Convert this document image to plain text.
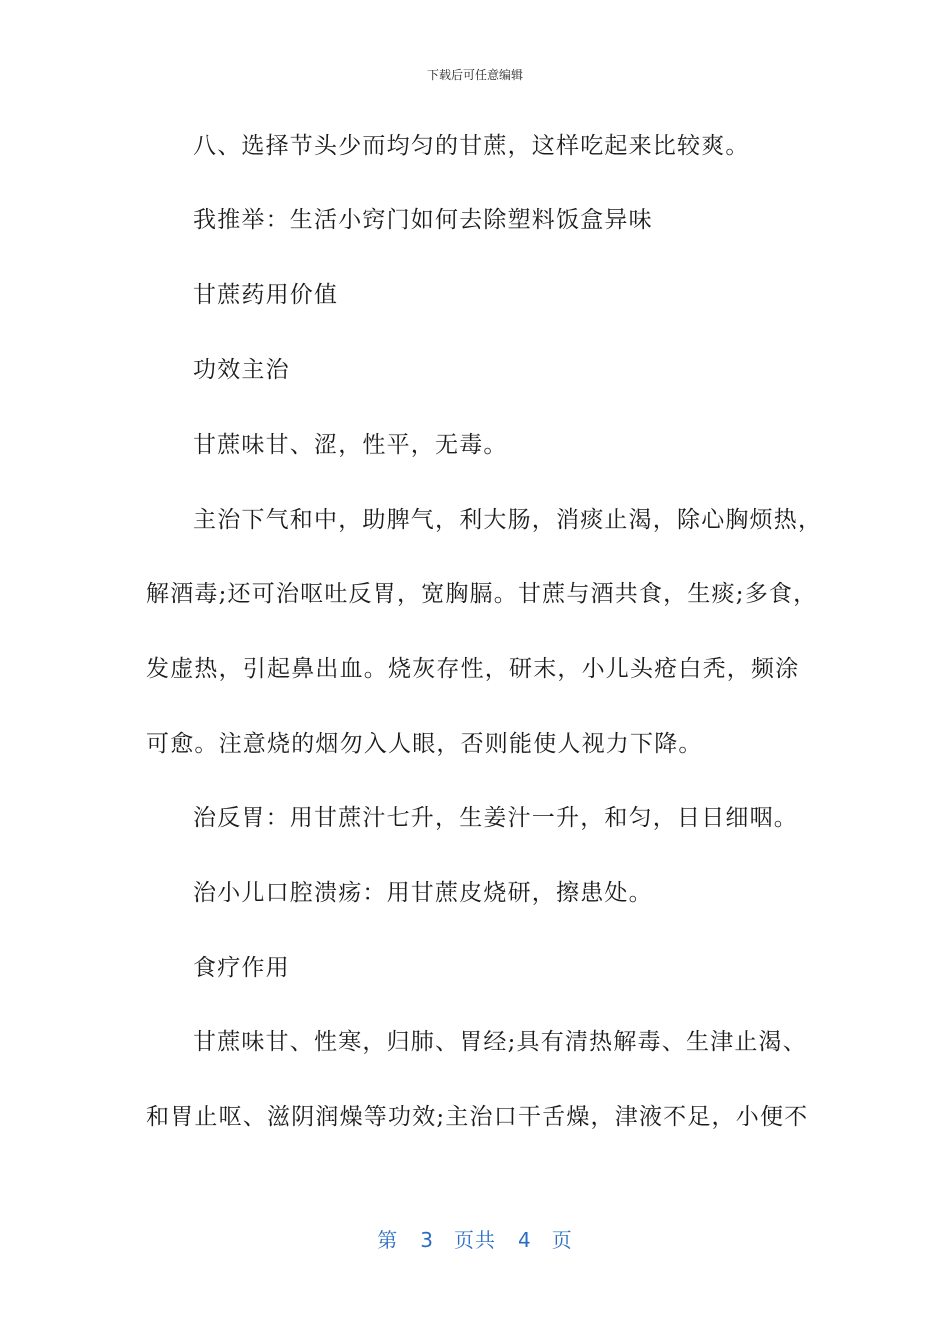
下载后可任意编辑
八、选择节头少而均匀的甘蔗，这样吃起来比较爽。
我推举：生活小窍门如何去除塑料饭盒异味
甘蔗药用价值
功效主治
甘蔗味甘、涩，性平，无毒。
主治下气和中，助脾气，利大肠，消痰止渴，除心胸烦热，
解酒毒;还可治呕吐反胃，宽胸膈。甘蔗与酒共食，生痰;多食，
发虚热，引起鼻出血。烧灰存性，研末，小儿头疮白秃，频涂
可愈。注意烧的烟勿入人眼，否则能使人视力下降。
治反胃：用甘蔗汁七升，生姜汁一升，和匀，日日细咽。
治小儿口腔溃疡：用甘蔗皮烧研，擦患处。
食疗作用
甘蔗味甘、性寒，归肺、胃经;具有清热解毒、生津止渴、
和胃止呕、滋阴润燥等功效;主治口干舌燥，津液不足，小便不
第 3 页共 4 页
